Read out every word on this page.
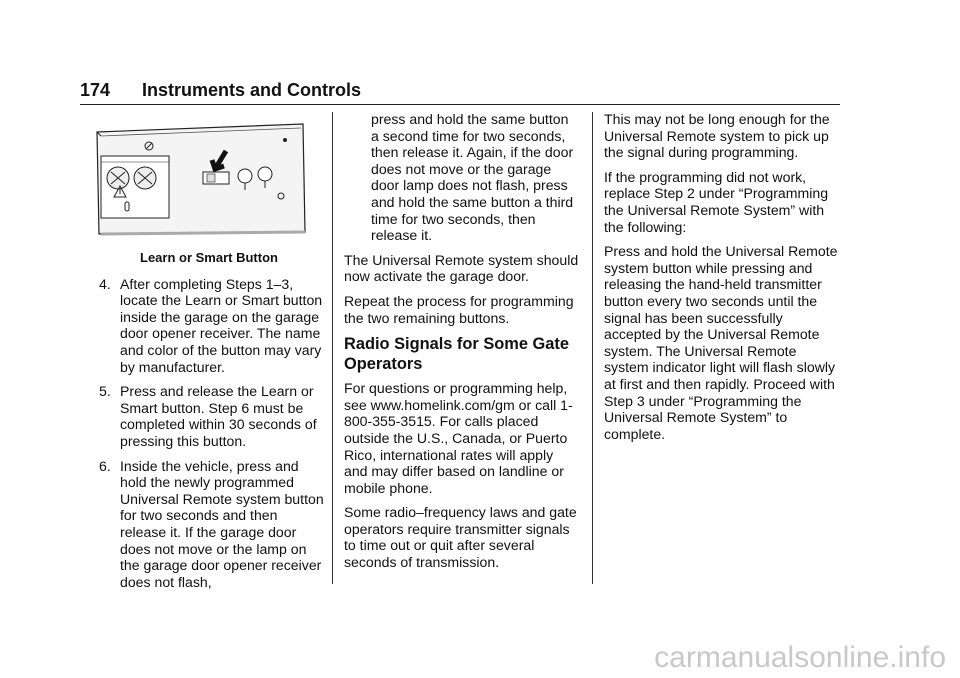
174 Instruments and Controls
Learn or Smart Button
4. After completing Steps 1–3, locate the Learn or Smart button inside the garage on the garage door opener receiver. The name and color of the button may vary by manufacturer.
5. Press and release the Learn or Smart button. Step 6 must be completed within 30 seconds of pressing this button.
6. Inside the vehicle, press and hold the newly programmed Universal Remote system button for two seconds and then release it. If the garage door does not move or the lamp on the garage door opener receiver does not flash,
press and hold the same button a second time for two seconds, then release it. Again, if the door does not move or the garage door lamp does not flash, press and hold the same button a third time for two seconds, then release it.

The Universal Remote system should now activate the garage door.

Repeat the process for programming the two remaining buttons.

Radio Signals for Some Gate Operators

For questions or programming help, see www.homelink.com/gm or call 1-800-355-3515. For calls placed outside the U.S., Canada, or Puerto Rico, international rates will apply and may differ based on landline or mobile phone.

Some radio–frequency laws and gate operators require transmitter signals to time out or quit after several seconds of transmission.

This may not be long enough for the Universal Remote system to pick up the signal during programming.

If the programming did not work, replace Step 2 under “Programming the Universal Remote System” with the following:

Press and hold the Universal Remote system button while pressing and releasing the hand-held transmitter button every two seconds until the signal has been successfully accepted by the Universal Remote system. The Universal Remote system indicator light will flash slowly at first and then rapidly. Proceed with Step 3 under “Programming the Universal Remote System” to complete.

carmanualsonline.info
